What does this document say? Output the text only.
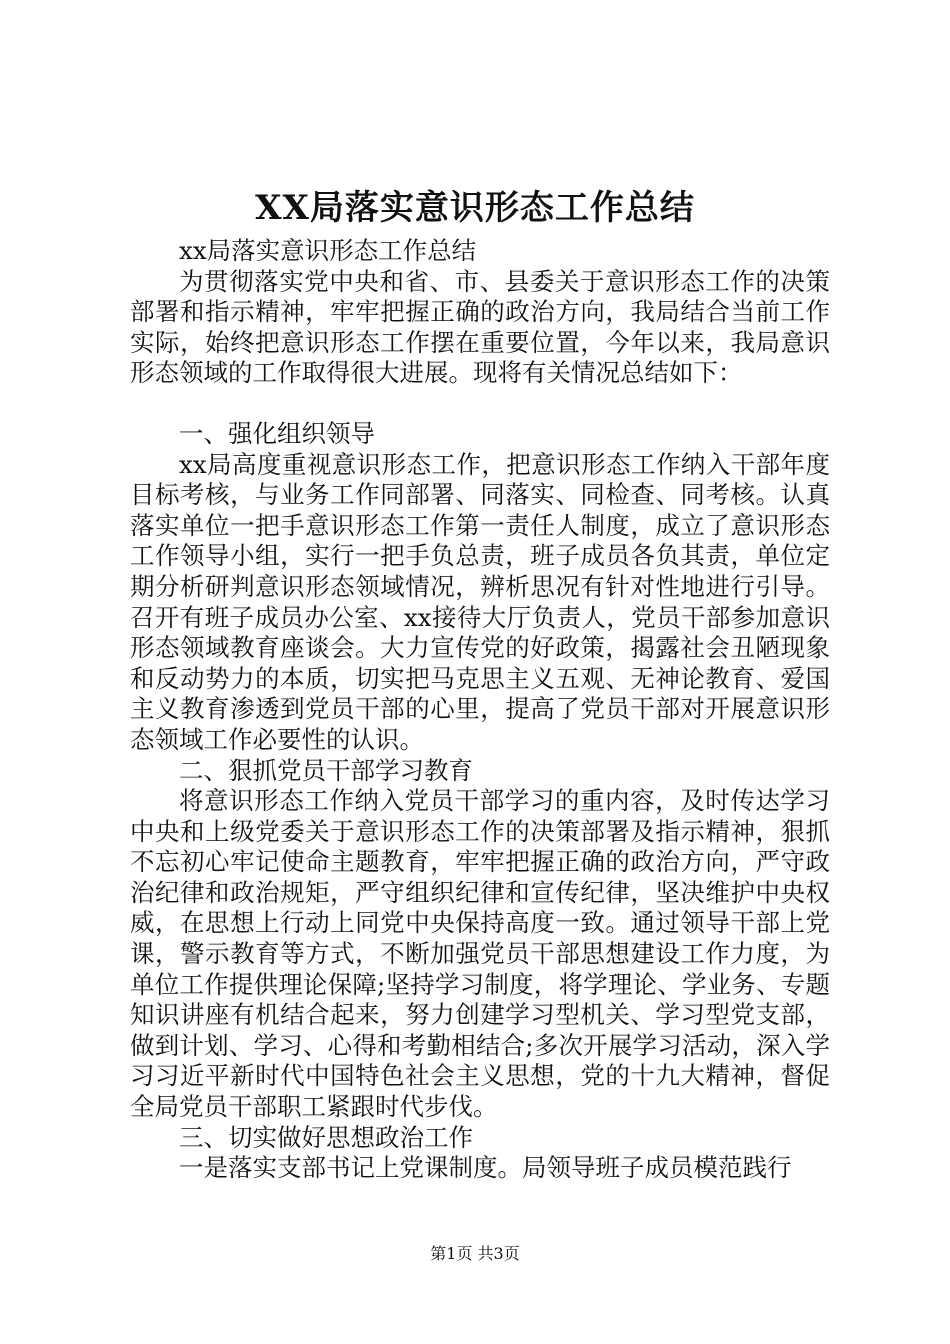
XX局落实意识形态工作总结

xx局落实意识形态工作总结

为贯彻落实党中央和省、市、县委关于意识形态工作的决策部署和指示精神，牢牢把握正确的政治方向，我局结合当前工作实际，始终把意识形态工作摆在重要位置，今年以来，我局意识形态领域的工作取得很大进展。现将有关情况总结如下：

一、强化组织领导

xx局高度重视意识形态工作，把意识形态工作纳入干部年度目标考核，与业务工作同部署、同落实、同检查、同考核。认真落实单位一把手意识形态工作第一责任人制度，成立了意识形态工作领导小组，实行一把手负总责，班子成员各负其责，单位定期分析研判意识形态领域情况，辨析思况有针对性地进行引导。召开有班子成员办公室、xx接待大厅负责人，党员干部参加意识形态领域教育座谈会。大力宣传党的好政策，揭露社会丑陋现象和反动势力的本质，切实把马克思主义五观、无神论教育、爱国主义教育渗透到党员干部的心里，提高了党员干部对开展意识形态领域工作必要性的认识。

二、狠抓党员干部学习教育

将意识形态工作纳入党员干部学习的重内容，及时传达学习中央和上级党委关于意识形态工作的决策部署及指示精神，狠抓不忘初心牢记使命主题教育，牢牢把握正确的政治方向，严守政治纪律和政治规矩，严守组织纪律和宣传纪律，坚决维护中央权威，在思想上行动上同党中央保持高度一致。通过领导干部上党课，警示教育等方式，不断加强党员干部思想建设工作力度，为单位工作提供理论保障;坚持学习制度，将学理论、学业务、专题知识讲座有机结合起来，努力创建学习型机关、学习型党支部，做到计划、学习、心得和考勤相结合;多次开展学习活动，深入学习习近平新时代中国特色社会主义思想，党的十九大精神，督促全局党员干部职工紧跟时代步伐。

三、切实做好思想政治工作

一是落实支部书记上党课制度。局领导班子成员模范践行

第1页 共3页
